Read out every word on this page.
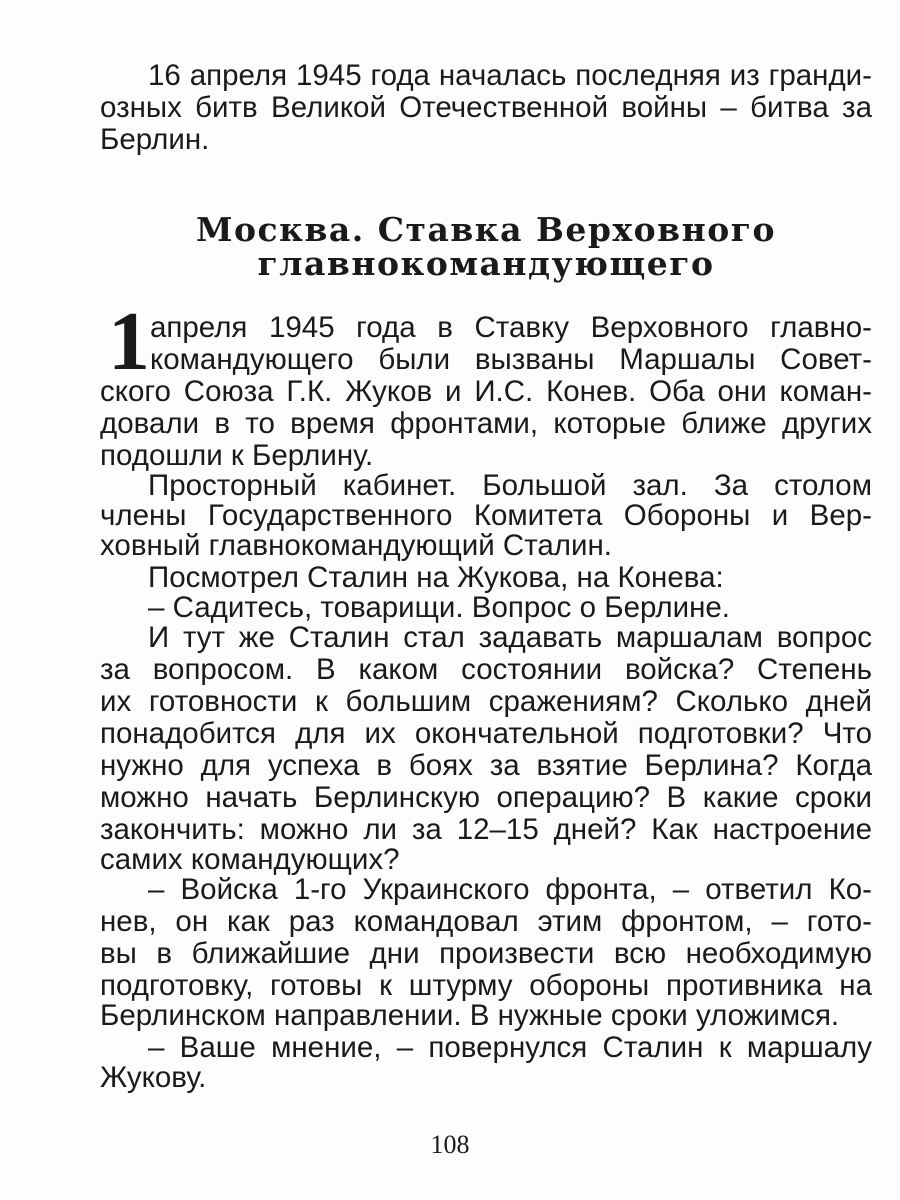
16 апреля 1945 года началась последняя из гранди-
озных битв Великой Отечественной войны – битва за
Берлин.
Москва. Ставка Верховного
главнокомандующего
1 апреля 1945 года в Ставку Верховного главно-
командующего были вызваны Маршалы Совет-
ского Союза Г.К. Жуков и И.С. Конев. Оба они коман-
довали в то время фронтами, которые ближе других
подошли к Берлину.
Просторный кабинет. Большой зал. За столом
члены Государственного Комитета Обороны и Вер-
ховный главнокомандующий Сталин.
Посмотрел Сталин на Жукова, на Конева:
– Садитесь, товарищи. Вопрос о Берлине.
И тут же Сталин стал задавать маршалам вопрос
за вопросом. В каком состоянии войска? Степень
их готовности к большим сражениям? Сколько дней
понадобится для их окончательной подготовки? Что
нужно для успеха в боях за взятие Берлина? Когда
можно начать Берлинскую операцию? В какие сроки
закончить: можно ли за 12–15 дней? Как настроение
самих командующих?
– Войска 1-го Украинского фронта, – ответил Ко-
нев, он как раз командовал этим фронтом, – гото-
вы в ближайшие дни произвести всю необходимую
подготовку, готовы к штурму обороны противника на
Берлинском направлении. В нужные сроки уложимся.
– Ваше мнение, – повернулся Сталин к маршалу
Жукову.
108
